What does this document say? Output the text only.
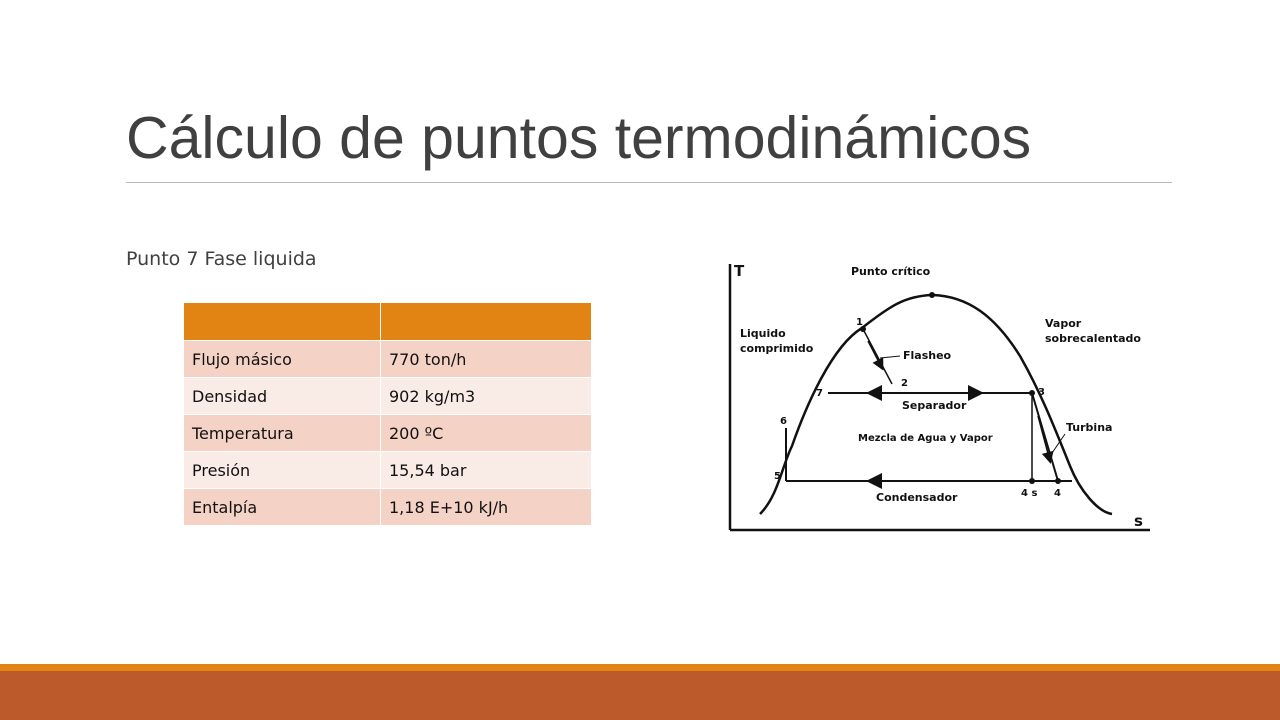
Cálculo de puntos termodinámicos
Punto 7 Fase liquida

Flujo másico	770 ton/h
Densidad	902 kg/m3
Temperatura	200 ºC
Presión	15,54 bar
Entalpía	1,18 E+10 kJ/h
T
s
Punto crítico
Liquido
comprimido
Vapor
sobrecalentado
Flasheo
Separador
Mezcla de Agua y Vapor
Turbina
Condensador
1
2
3
4 s 4
5
6
7
